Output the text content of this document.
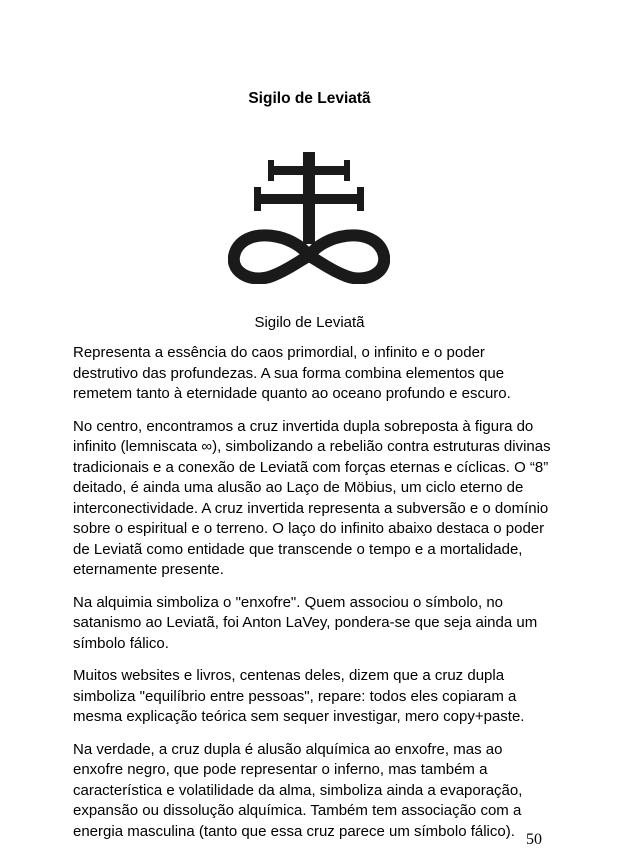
Sigilo de Leviatã
Sigilo de Leviatã

Representa a essência do caos primordial, o infinito e o poder destrutivo das profundezas. A sua forma combina elementos que remetem tanto à eternidade quanto ao oceano profundo e escuro.

No centro, encontramos a cruz invertida dupla sobreposta à figura do infinito (lemniscata ∞), simbolizando a rebelião contra estruturas divinas tradicionais e a conexão de Leviatã com forças eternas e cíclicas. O “8” deitado, é ainda uma alusão ao Laço de Möbius, um ciclo eterno de interconectividade. A cruz invertida representa a subversão e o domínio sobre o espiritual e o terreno. O laço do infinito abaixo destaca o poder de Leviatã como entidade que transcende o tempo e a mortalidade, eternamente presente.

Na alquimia simboliza o "enxofre". Quem associou o símbolo, no satanismo ao Leviatã, foi Anton LaVey, pondera-se que seja ainda um símbolo fálico.

Muitos websites e livros, centenas deles, dizem que a cruz dupla simboliza "equilíbrio entre pessoas", repare: todos eles copiaram a mesma explicação teórica sem sequer investigar, mero copy+paste.

Na verdade, a cruz dupla é alusão alquímica ao enxofre, mas ao enxofre negro, que pode representar o inferno, mas também a característica e volatilidade da alma, simboliza ainda a evaporação, expansão ou dissolução alquímica. Também tem associação com a energia masculina (tanto que essa cruz parece um símbolo fálico). 50
